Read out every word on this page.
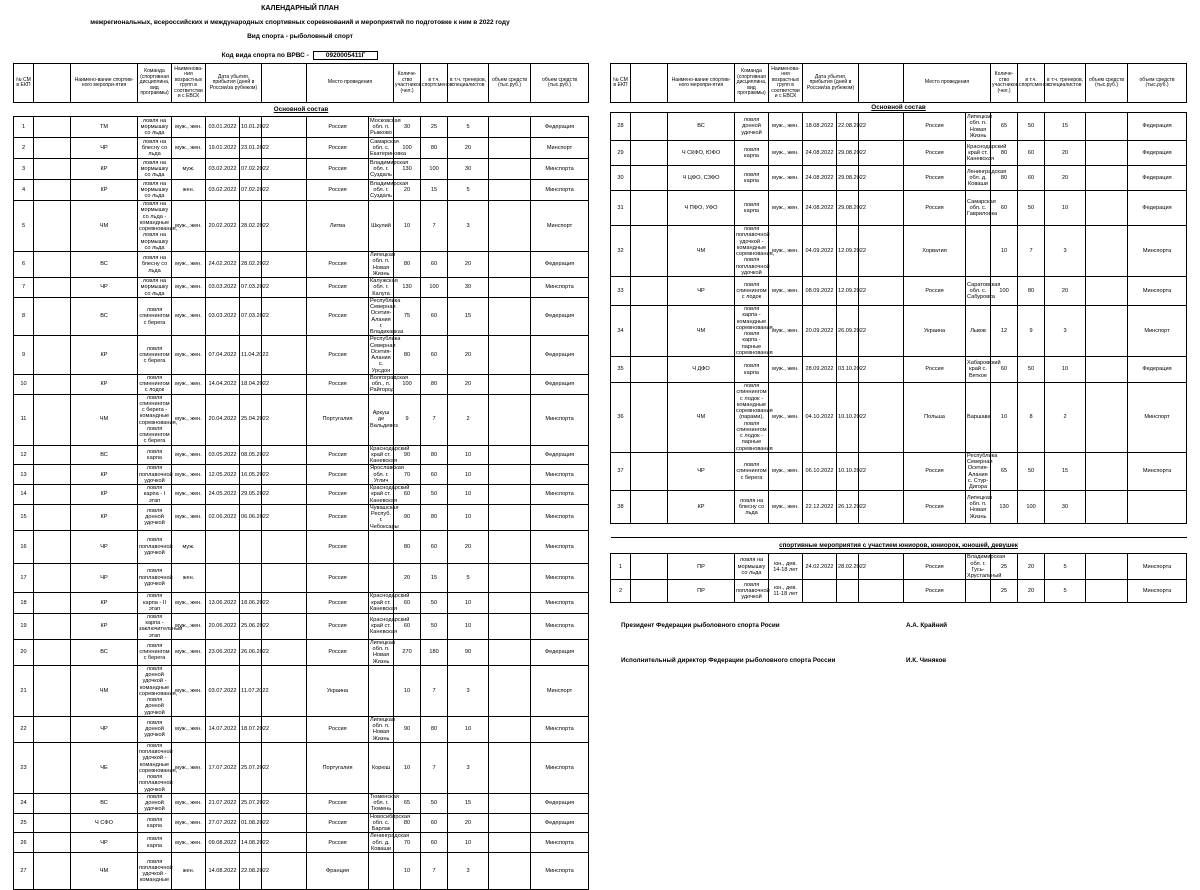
КАЛЕНДАРНЫЙ ПЛАН
межрегиональных, всероссийских и международных спортивных соревнований и мероприятий по подготовке к ним в 2022 году
Вид спорта - рыболовный спорт
Код вида спорта по ВРВС -	0920005411Г
№ СМ в ЕКП		Наимено-вание спортив-ного меропри-ятия	Команда (спортивная дисциплина, вид программы)	Наименова-ния возрастных групп в соответстви и с ЕВСК	Дата убытия, прибытия (дней в России/за рубежом)			Место проведения		Количе-ство участников (чел.)	в т.ч. спортсменов	в т.ч. тренеров, специалистов	объем средств (тыс.руб.)	объем средств (тыс.руб.)
Основной состав														
1		ТМ	ловля на мормышку со льда	муж., жен.	03.01.2022	10.01.2022		Россия	Московская обл. п. Рыкково	30	25	5		Федерация
2		ЧР	ловля на блесну со льда	муж., жен.	19.01.2022	23.01.2022		Россия	Самарская обл. с. Екатериновка	100	80	20		Минспорт
3		КР	ловля на мормышку со льда	муж.	03.02.2022	07.02.2022		Россия	Владимирская обл. г. Суздаль	130	100	30		Минспорта
4		КР	ловля на мормышку со льда	жен.	03.02.2022	07.02.2022		Россия	Владимирская обл. г. Суздаль	20	15	5		Минспорта
5		ЧМ	ловля на мормышку со льда - командные соревнования, ловля на мормышку со льда	муж., жен.	20.02.2022	28.02.2022		Литва	Шкулий	10	7	3		Минспорт
6		ВС	ловля на блесну со льда	муж., жен.	24.02.2022	28.02.2022		Россия	Липецкая обл. п. Новая Жизнь	80	60	20		Федерация
7		ЧР	ловля на мормышку со льда	муж., жен.	03.03.2022	07.03.2022		Россия	Калужская обл. г. Калуга	130	100	30		Минспорта
8		ВС	ловля спиннингом с берега	муж., жен.	03.03.2022	07.03.2022		Россия	Республика Северная Осетия-Алания г. Владикавказ	75	60	15		Федерация
9		КР	ловля спиннингом с берега	муж., жен.	07.04.2022	11.04.2022		Россия	Республика Северная Осетия-Алания с. Урсдон	80	60	20		Федерация
10		КР	ловля спиннингом с лодок	муж., жен.	14.04.2022	18.04.2022		Россия	Волгоградская обл., п. Райгород	100	80	20		Федерация
11		ЧМ	ловля спиннингом с берега - командные соревнования, ловля спиннингом с берега	муж., жен.	20.04.2022	25.04.2022		Португалия	Аркуш де Вальдевез	9	7	2		Минспорта
12		ВС	ловля карпа	муж., жен.	03.05.2022	08.05.2022		Россия	Краснодарский край ст. Каневская	90	80	10		Федерация
13		КР	ловля поплавочной удочкой	муж., жен.	12.05.2022	16.05.2022		Россия	Ярославская обл. г. Углич	70	60	10		Минспорта
14		КР	ловля карпа - I этап	муж., жен.	24.05.2022	29.05.2022		Россия	Краснодарский край ст. Каневская	60	50	10		Минспорта
15		КР	ловля донной удочкой	муж., жен.	02.06.2022	06.06.2022		Россия	Чувашская Респуб. г. Чебоксары	90	80	10		Минспорта
16		ЧР	ловля поплавочной удочкой	муж.				Россия		80	60	20		Минспорта
17		ЧР	ловля поплавочной удочкой	жен.				Россия		20	15	5		Минспорта
18		КР	ловля карпа - II этап	муж., жен.	13.06.2022	18.06.2022		Россия	Краснодарский край ст. Каневская	60	50	10		Минспорта
19		КР	ловля карпа - заключительный этап	муж., жен.	20.06.2022	25.06.2022		Россия	Краснодарский край ст. Каневская	60	50	10		Минспорта
20		ВС	ловля спиннингом с берега	муж., жен.	23.06.2022	26.06.2022		Россия	Липецкая обл. п. Новая Жизнь	270	180	90		Федерация
21		ЧМ	ловля донной удочкой - командные соревнования, ловля донной удочкой	муж., жен.	03.07.2022	11.07.2022		Украина		10	7	3		Минспорт
22		ЧР	ловля донной удочкой	муж., жен.	14.07.2022	18.07.2022		Россия	Липецкая обл. п. Новая Жизнь	90	80	10		Минспорта
23		ЧЕ	ловля поплавочной удочкой - командные соревнования, ловля поплавочной удочкой	муж., жен.	17.07.2022	25.07.2022		Португалия	Корюш	10	7	3		Минспорта
24		ВС	ловля донной удочкой	муж., жен.	21.07.2022	25.07.2022		Россия	Тюменская обл. г. Тюмень	65	50	15		Федерация
25		Ч СФО	ловля карпа	муж., жен.	27.07.2022	01.08.2022		Россия	Новосибирская обл. с. Барлак	80	60	20		Федерация
26		ЧР	ловля карпа	муж., жен.	09.08.2022	14.08.2022		Россия	Ленинградская обл. д. Коваши	70	60	10		Минспорта
27		ЧМ	ловля поплавочной удочкой - командные	жен.	14.08.2022	22.08.2022		Франция		10	7	3		Минспорта
№ СМ в ЕКП		Наимено-вание спортив-ного меропри-ятия	Команда (спортивная дисциплина, вид программы)	Наименова-ния возрастных групп в соответстви и с ЕВСК	Дата убытия, прибытия (дней в России/за рубежом)			Место проведения		Количе-ство участников (чел.)	в т.ч. спортсменов	в т.ч. тренеров, специалистов	объем средств (тыс.руб.)	объем средств (тыс.руб.)
Основной состав														
28		ВС	ловля донной удочкой	муж., жен.	18.08.2022	22.08.2022		Россия	Липецкая обл. п. Новая Жизнь	65	50	15		Федерация
29		Ч СКФО, ЮФО	ловля карпа	муж., жен.	24.08.2022	29.08.2022		Россия	Краснодарский край ст. Каневская	80	60	20		Федерация
30		Ч ЦФО, СЗФО	ловля карпа	муж., жен.	24.08.2022	29.08.2022		Россия	Ленинградская обл. д. Коваши	80	60	20		Федерация
31		Ч ПФО, УФО	ловля карпа	муж., жен.	24.08.2022	29.08.2022		Россия	Самарская обл. с. Гавриловка	60	50	10		Федерация
32		ЧМ	ловля поплавочной удочкой - командные соревнования, ловля поплавочной удочкой	муж., жен.	04.09.2022	12.09.2022		Хорватия		10	7	3		Минспорта
33		ЧР	ловля спиннингом с лодок	муж., жен.	08.09.2022	12.09.2022		Россия	Саратовская обл. с. Сабуровка	100	80	20		Минспорта
34		ЧМ	ловля карпа - командные соревнования, ловля карпа - парные соревнования	муж., жен.	20.09.2022	26.09.2022		Украина	Львов	12	9	3		Минспорт
35		Ч ДФО	ловля карпа	муж., жен.	28.09.2022	03.10.2022		Россия	Хабаровский край с. Вяткое	60	50	10		Федерация
36		ЧМ	ловля спиннингом с лодок - командные соревнования (парами), ловля спиннингом с лодок - парные соревнования	муж., жен.	04.10.2022	10.10.2022		Польша	Варшава	10	8	2		Минспорт
37		ЧР	ловля спиннингом с берега	муж., жен.	06.10.2022	10.10.2022		Россия	Республика Северная Осетия-Алания с. Стур-Дигора	65	50	15		Минспорта
38		КР	ловля на блесну со льда	муж., жен.	22.12.2022	26.12.2022		Россия	Липецкая обл. п. Новая Жизнь	130	100	30		

спортивные мероприятия с участием юниоров, юниорок, юношей, девушек														
1		ПР	ловля на мормышку со льда	юн., дев. 14-18 лет	24.02.2022	28.02.2022		Россия	Владимирская обл. г. Гусь-Хрустальный	25	20	5		Минспорта
2		ПР	ловля поплавочной удочкой	юн., дев. 11-18 лет				Россия		25	20	5		Минспорта
Президент Федерации рыболовного спорта Росии	А.А. Крайний
Исполнительный директор Федерации рыболовного спорта России	И.К. Чиняков
